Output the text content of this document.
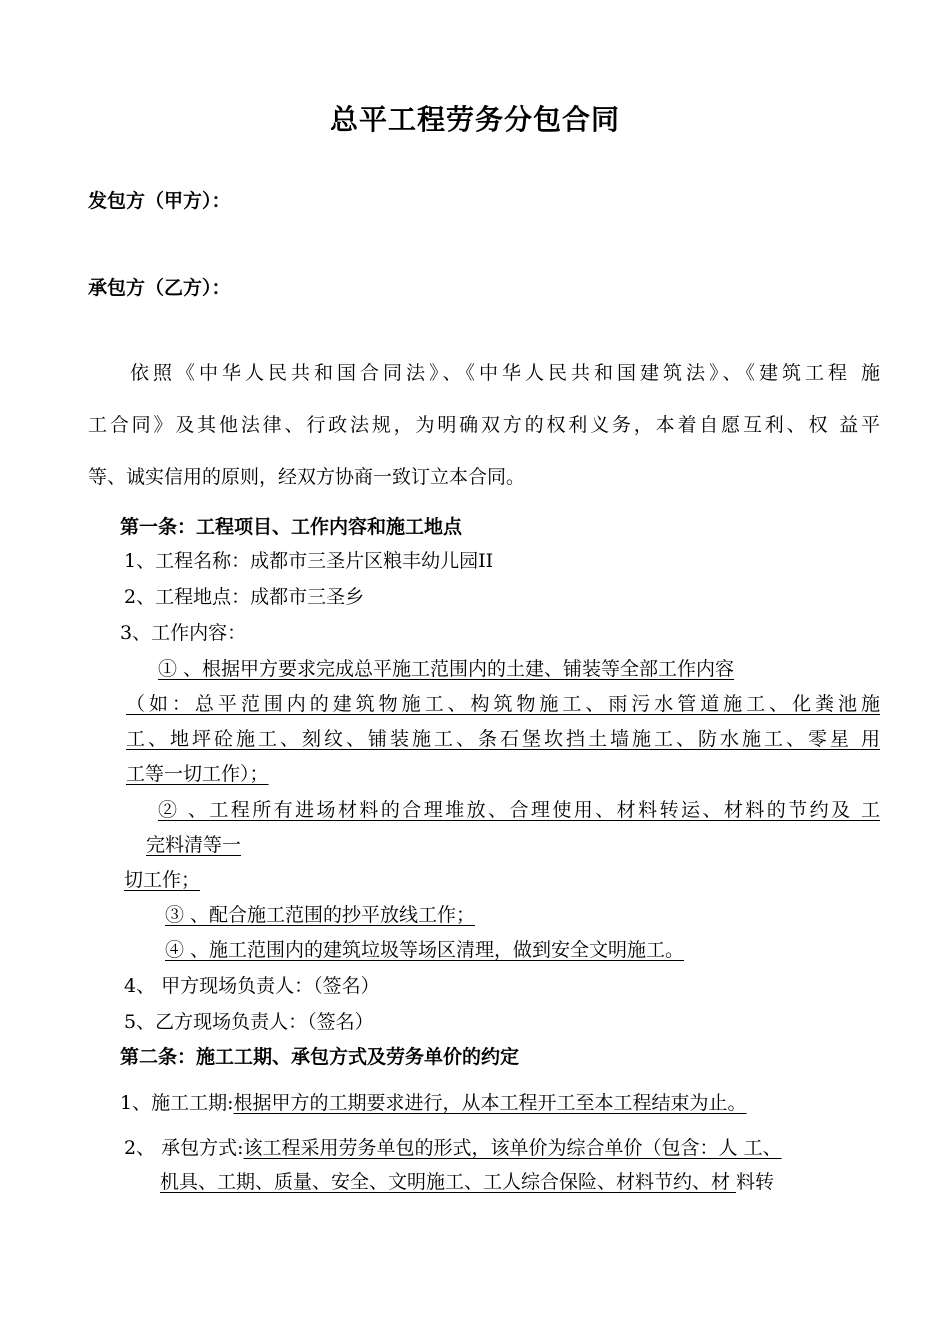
总平工程劳务分包合同
发包方（甲方）：
承包方（乙方）：
依照《中华人民共和国合同法》、《中华人民共和国建筑法》、《建筑工程 施
工合同》及其他法律、行政法规，为明确双方的权利义务，本着自愿互利、权 益平
等、诚实信用的原则，经双方协商一致订立本合同。
第一条：工程项目、工作内容和施工地点
1、工程名称：成都市三圣片区粮丰幼儿园II
2、工程地点：成都市三圣乡
3、工作内容：
① 、根据甲方要求完成总平施工范围内的土建、铺装等全部工作内容
（如：总平范围内的建筑物施工、构筑物施工、雨污水管道施工、化粪池施
工、地坪砼施工、刻纹、铺装施工、条石堡坎挡土墙施工、防水施工、零星 用
工等一切工作）；
② 、工程所有进场材料的合理堆放、合理使用、材料转运、材料的节约及 工
完料清等一
切工作；
③ 、配合施工范围的抄平放线工作；
④ 、施工范围内的建筑垃圾等场区清理，做到安全文明施工。
4、 甲方现场负责人：（签名）
5、乙方现场负责人：（签名）
第二条：施工工期、承包方式及劳务单价的约定
1、施工工期:根据甲方的工期要求进行，从本工程开工至本工程结束为止。
2、 承包方式:该工程采用劳务单包的形式，该单价为综合单价（包含：人 工、
机具、工期、质量、安全、文明施工、工人综合保险、材料节约、材 料转
